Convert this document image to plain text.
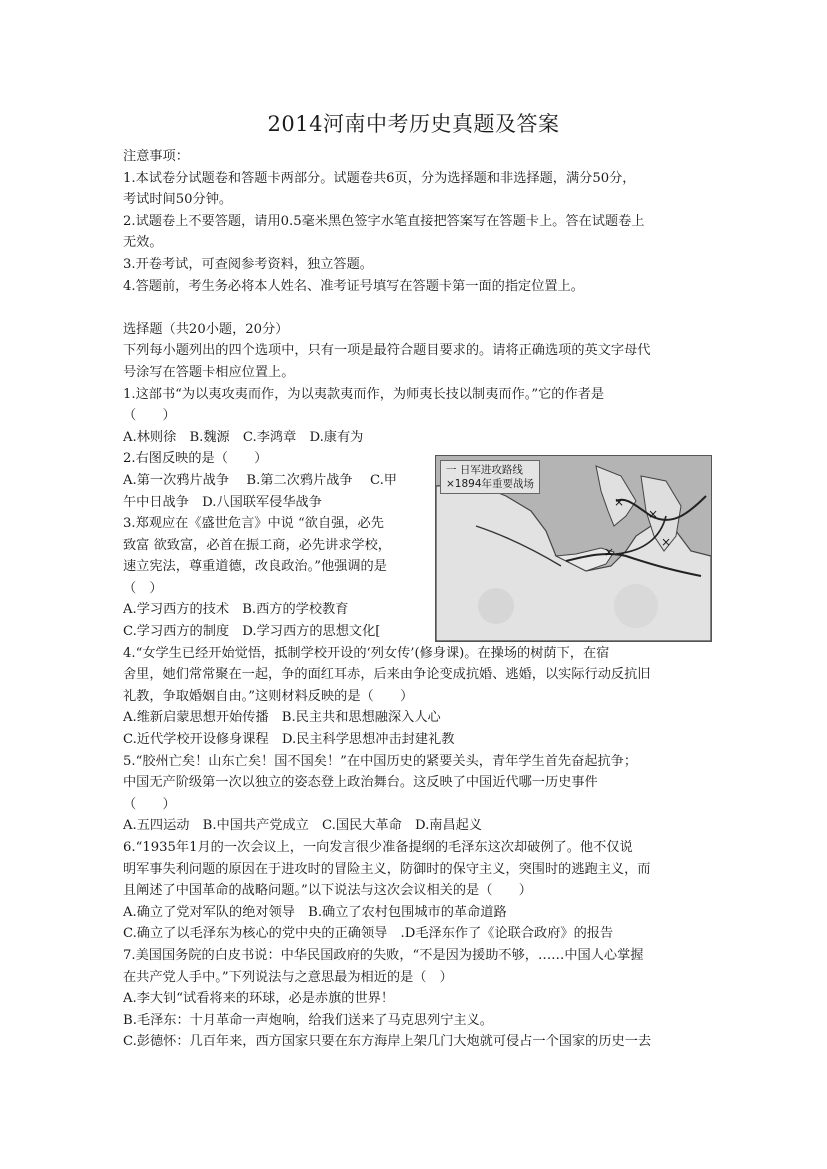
2014河南中考历史真题及答案
注意事项：
1.本试卷分试题卷和答题卡两部分。试题卷共6页，分为选择题和非选择题，满分50分，
考试时间50分钟。
2.试题卷上不要答题，请用0.5毫米黑色签字水笔直接把答案写在答题卡上。答在试题卷上
无效。
3.开卷考试，可查阅参考资料，独立答题。
4.答题前，考生务必将本人姓名、准考证号填写在答题卡第一面的指定位置上。
选择题（共20小题，20分）
下列每小题列出的四个选项中，只有一项是最符合题目要求的。请将正确选项的英文字母代
号涂写在答题卡相应位置上。
1.这部书“为以夷攻夷而作，为以夷款夷而作，为师夷长技以制夷而作。”它的作者是
（　　）
A.林则徐　B.魏源　C.李鸿章　D.康有为
2.右图反映的是（　　）
A.第一次鸦片战争　 B.第二次鸦片战争　 C.甲
午中日战争　D.八国联军侵华战争
3.郑观应在《盛世危言》中说 “欲自强，必先
致富 欲致富，必首在振工商，必先讲求学校，
速立宪法，尊重道德，改良政治。”他强调的是
（　）
A.学习西方的技术　B.西方的学校教育
C.学习西方的制度　D.学习西方的思想文化[
4.“女学生已经开始觉悟，抵制学校开设的‘列女传’(修身课)。在操场的树荫下，在宿
舍里，她们常常聚在一起，争的面红耳赤，后来由争论变成抗婚、逃婚，以实际行动反抗旧
礼教，争取婚姻自由。”这则材料反映的是（　　）
A.维新启蒙思想开始传播　B.民主共和思想融深入人心
C.近代学校开设修身课程　D.民主科学思想冲击封建礼教
5.“胶州亡矣！山东亡矣！国不国矣！”在中国历史的紧要关头，青年学生首先奋起抗争；
中国无产阶级第一次以独立的姿态登上政治舞台。这反映了中国近代哪一历史事件
（　　）
A.五四运动　B.中国共产党成立　C.国民大革命　D.南昌起义
6.“1935年1月的一次会议上，一向发言很少准备提纲的毛泽东这次却破例了。他不仅说
明军事失利问题的原因在于进攻时的冒险主义，防御时的保守主义，突围时的逃跑主义，而
且阐述了中国革命的战略问题。”以下说法与这次会议相关的是（　　）
A.确立了党对军队的绝对领导　B.确立了农村包围城市的革命道路
C.确立了以毛泽东为核心的党中央的正确领导　.D毛泽东作了《论联合政府》的报告
7.美国国务院的白皮书说：中华民国政府的失败，“不是因为援助不够，……中国人心掌握
在共产党人手中。”下列说法与之意思最为相近的是（　）
A.李大钊“试看将来的环球，必是赤旗的世界！
B.毛泽东：十月革命一声炮响，给我们送来了马克思列宁主义。
C.彭德怀：几百年来，西方国家只要在东方海岸上架几门大炮就可侵占一个国家的历史一去
×
×
×
×
一 日军进攻路线
×1894年重要战场
